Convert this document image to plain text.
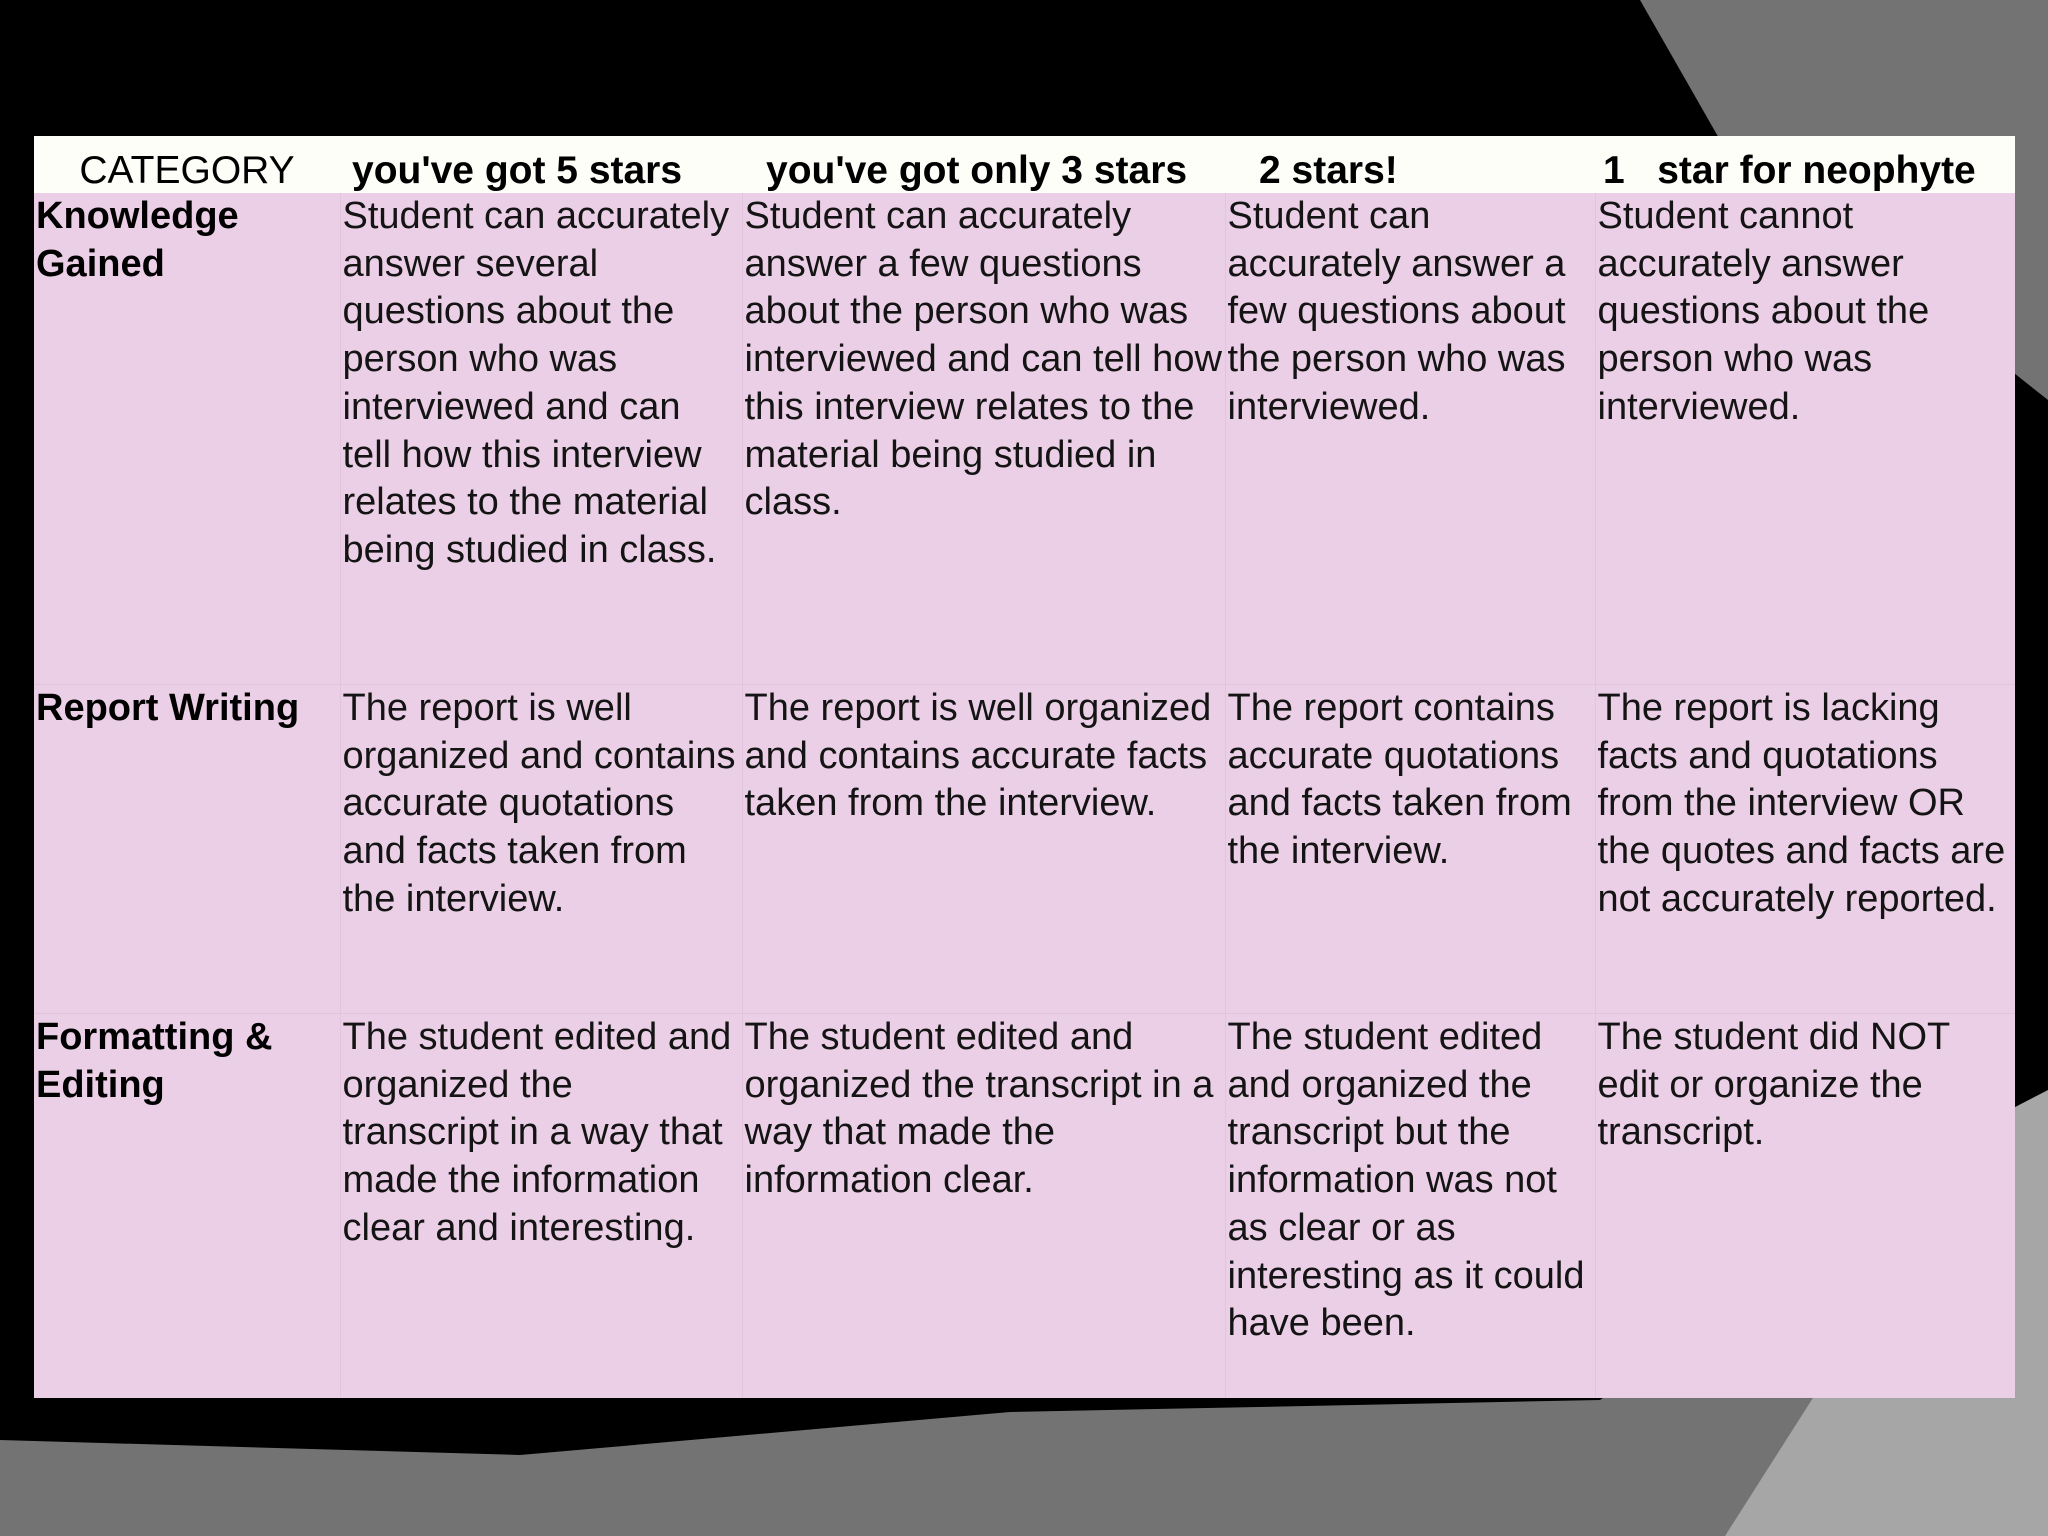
CATEGORY	you've got 5 stars	you've got only 3 stars	2 stars!	1   star for neophyte
Knowledge Gained	Student can accurately answer several questions about the person who was interviewed and can tell how this interview relates to the material being studied in class.	Student can accurately answer a few questions about the person who was interviewed and can tell how this interview relates to the material being studied in class.	Student can accurately answer a few questions about the person who was interviewed.	Student cannot accurately answer questions about the person who was interviewed.
Report Writing	The report is well organized and contains accurate quotations and facts taken from the interview.	The report is well organized and contains accurate facts taken from the interview.	The report contains accurate quotations and facts taken from the interview.	The report is lacking facts and quotations from the interview OR the quotes and facts are not accurately reported.
Formatting & Editing	The student edited and organized the transcript in a way that made the information clear and interesting.	The student edited and organized the transcript in a way that made the information clear.	The student edited and organized the transcript but the information was not as clear or as interesting as it could have been.	The student did NOT edit or organize the transcript.
